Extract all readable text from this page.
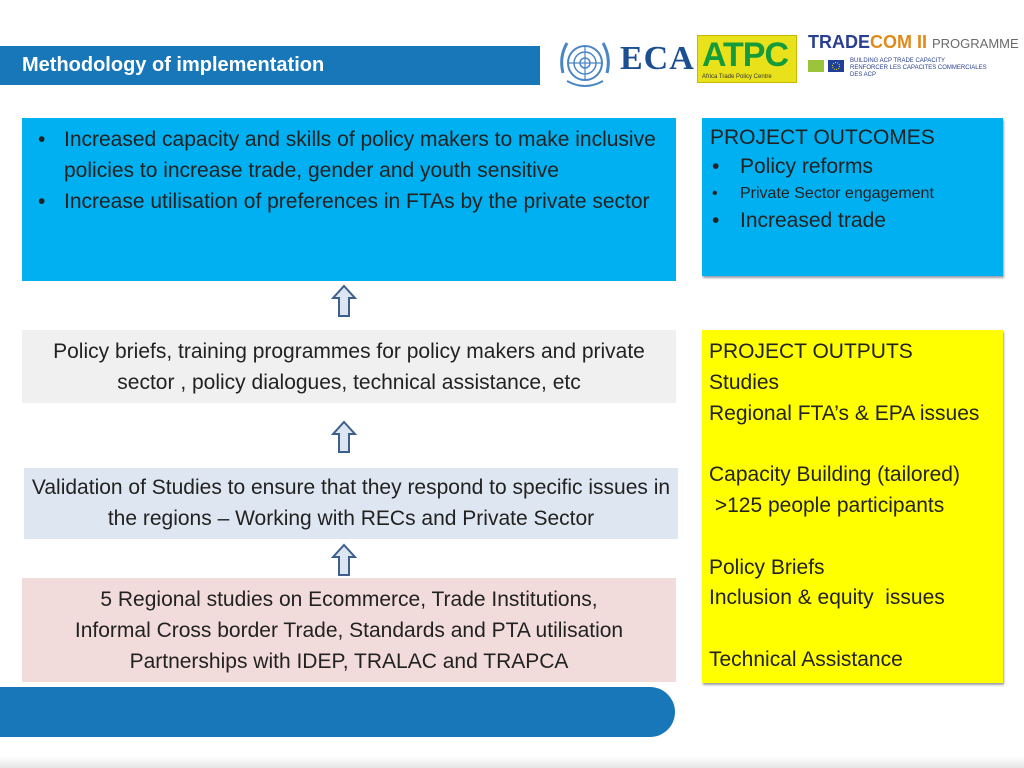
Methodology of implementation	ECA ATPC
Africa Trade Policy Centre
TRADECOM II PROGRAMME
BUILDING ACP TRADE CAPACITY
RENFORCER LES CAPACITES COMMERCIALES DES ACP
• Increased capacity and skills of policy makers to make inclusive policies to increase trade, gender and youth sensitive
• Increase utilisation of preferences in FTAs by the private sector
Policy briefs, training programmes for policy makers and private sector , policy dialogues, technical assistance, etc
Validation of Studies to ensure that they respond to specific issues in the regions – Working with RECs and Private Sector
5 Regional studies on Ecommerce, Trade Institutions,
Informal Cross border Trade, Standards and PTA utilisation
Partnerships with IDEP, TRALAC and TRAPCA
PROJECT OUTCOMES
• Policy reforms
• Private Sector engagement
• Increased trade
PROJECT OUTPUTS
Studies
Regional FTA’s & EPA issues
Capacity Building (tailored)
>125 people participants
Policy Briefs
Inclusion & equity  issues
Technical Assistance
